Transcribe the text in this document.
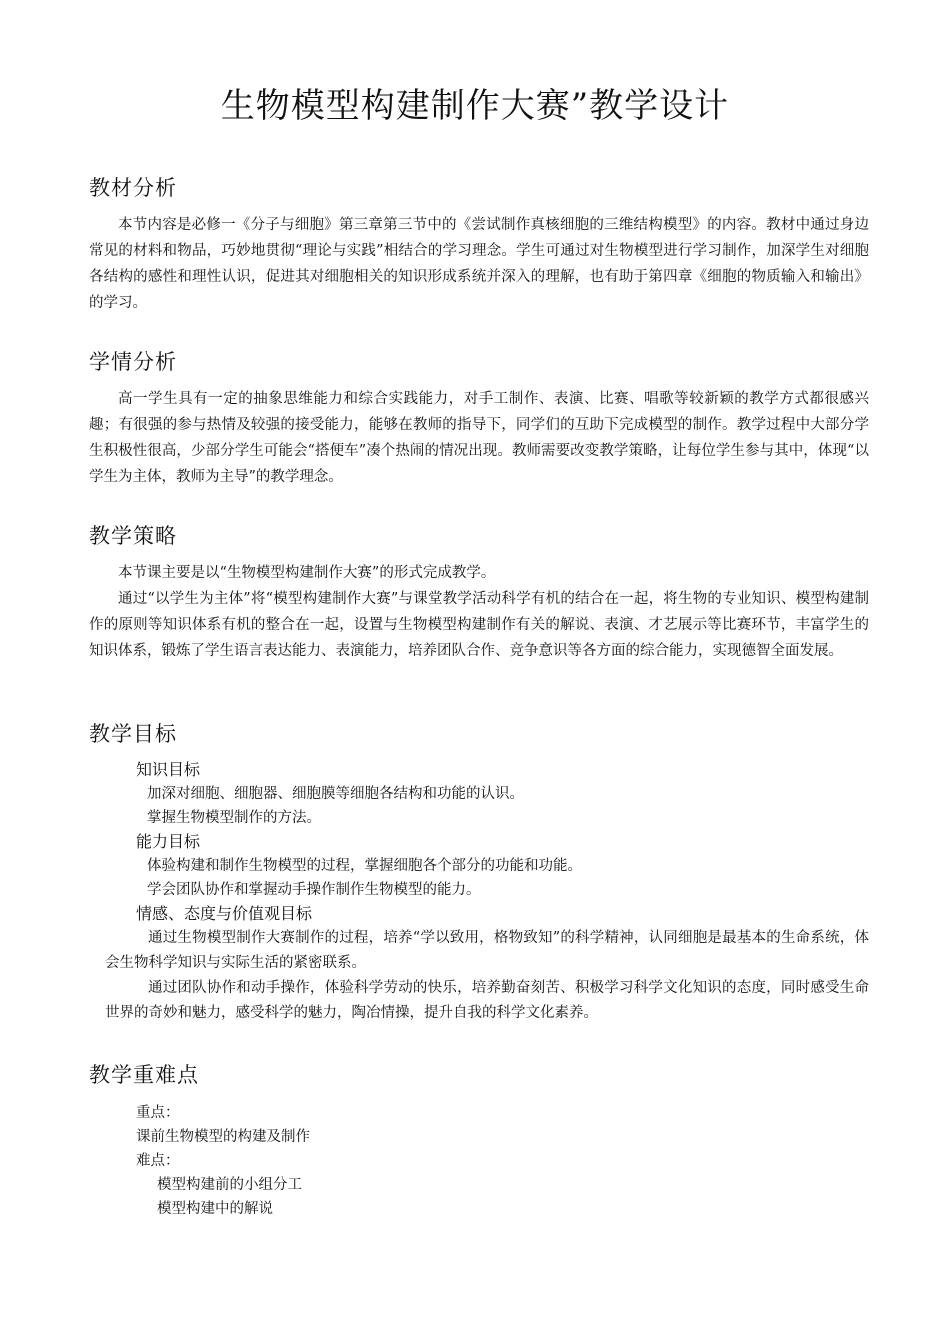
生物模型构建制作大赛”教学设计
教材分析

本节内容是必修一《分子与细胞》第三章第三节中的《尝试制作真核细胞的三维结构模型》的内容。教材中通过身边常见的材料和物品，巧妙地贯彻“理论与实践”相结合的学习理念。学生可通过对生物模型进行学习制作，加深学生对细胞各结构的感性和理性认识，促进其对细胞相关的知识形成系统并深入的理解，也有助于第四章《细胞的物质输入和输出》的学习。

学情分析

高一学生具有一定的抽象思维能力和综合实践能力，对手工制作、表演、比赛、唱歌等较新颖的教学方式都很感兴趣；有很强的参与热情及较强的接受能力，能够在教师的指导下，同学们的互助下完成模型的制作。教学过程中大部分学生积极性很高，少部分学生可能会“搭便车”凑个热闹的情况出现。教师需要改变教学策略，让每位学生参与其中，体现“以学生为主体，教师为主导”的教学理念。

教学策略

本节课主要是以“生物模型构建制作大赛”的形式完成教学。

通过“以学生为主体”将“模型构建制作大赛”与课堂教学活动科学有机的结合在一起，将生物的专业知识、模型构建制作的原则等知识体系有机的整合在一起，设置与生物模型构建制作有关的解说、表演、才艺展示等比赛环节，丰富学生的知识体系，锻炼了学生语言表达能力、表演能力，培养团队合作、竞争意识等各方面的综合能力，实现德智全面发展。

教学目标

知识目标

加深对细胞、细胞器、细胞膜等细胞各结构和功能的认识。

掌握生物模型制作的方法。

能力目标

体验构建和制作生物模型的过程，掌握细胞各个部分的功能和功能。

学会团队协作和掌握动手操作制作生物模型的能力。

情感、态度与价值观目标

通过生物模型制作大赛制作的过程，培养“学以致用，格物致知”的科学精神，认同细胞是最基本的生命系统，体会生物科学知识与实际生活的紧密联系。

通过团队协作和动手操作，体验科学劳动的快乐，培养勤奋刻苦、积极学习科学文化知识的态度，同时感受生命世界的奇妙和魅力，感受科学的魅力，陶冶情操，提升自我的科学文化素养。

教学重难点

重点：

课前生物模型的构建及制作

难点：

模型构建前的小组分工

模型构建中的解说
